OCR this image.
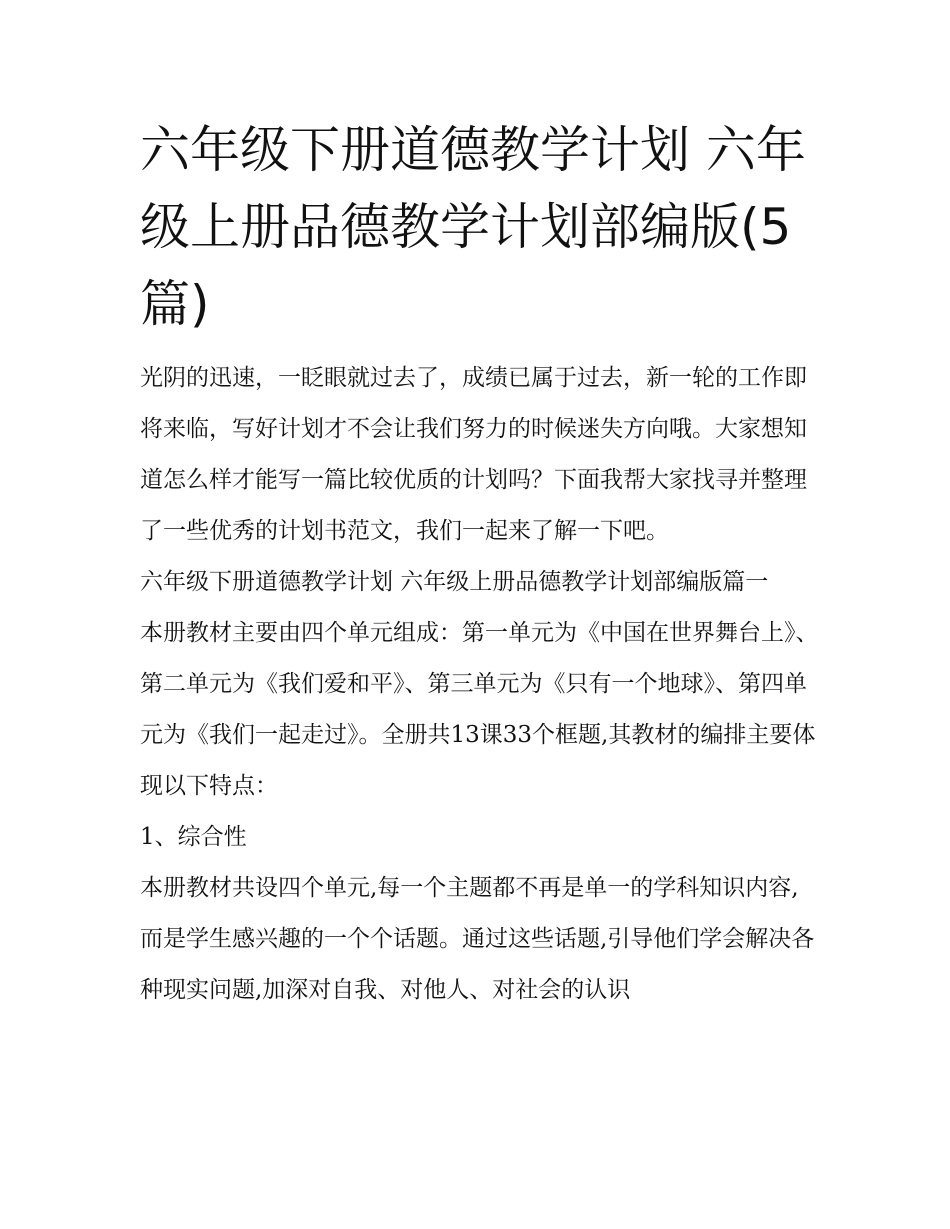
六年级下册道德教学计划 六年级上册品德教学计划部编版(5篇)

光阴的迅速，一眨眼就过去了，成绩已属于过去，新一轮的工作即将来临，写好计划才不会让我们努力的时候迷失方向哦。大家想知道怎么样才能写一篇比较优质的计划吗？下面我帮大家找寻并整理了一些优秀的计划书范文，我们一起来了解一下吧。

六年级下册道德教学计划 六年级上册品德教学计划部编版篇一

本册教材主要由四个单元组成：第一单元为《中国在世界舞台上》、第二单元为《我们爱和平》、第三单元为《只有一个地球》、第四单元为《我们一起走过》。全册共13课33个框题,其教材的编排主要体现以下特点：

1、综合性

本册教材共设四个单元,每一个主题都不再是单一的学科知识内容,而是学生感兴趣的一个个话题。通过这些话题,引导他们学会解决各种现实问题,加深对自我、对他人、对社会的认识
